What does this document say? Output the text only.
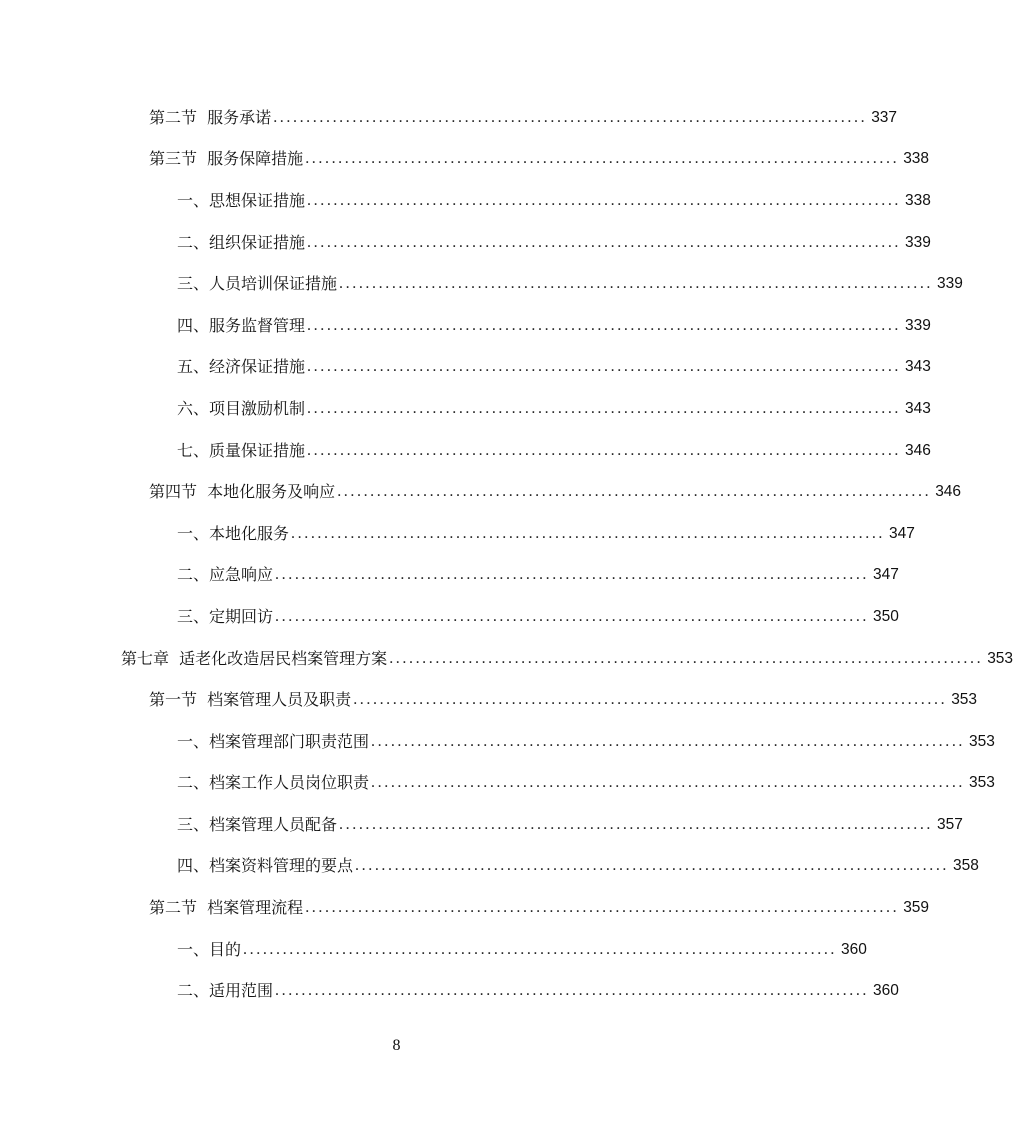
第二节  服务承诺 .......................................................................................... 337
第三节  服务保障措施 .......................................................................................... 338
一、思想保证措施 .......................................................................................... 338
二、组织保证措施 .......................................................................................... 339
三、人员培训保证措施 .......................................................................................... 339
四、服务监督管理 .......................................................................................... 339
五、经济保证措施 .......................................................................................... 343
六、项目激励机制 .......................................................................................... 343
七、质量保证措施 .......................................................................................... 346
第四节  本地化服务及响应 .......................................................................................... 346
一、本地化服务 .......................................................................................... 347
二、应急响应 .......................................................................................... 347
三、定期回访 .......................................................................................... 350
第七章  适老化改造居民档案管理方案 .......................................................................................... 353
第一节  档案管理人员及职责 .......................................................................................... 353
一、档案管理部门职责范围 .......................................................................................... 353
二、档案工作人员岗位职责 .......................................................................................... 353
三、档案管理人员配备 .......................................................................................... 357
四、档案资料管理的要点 .......................................................................................... 358
第二节  档案管理流程 .......................................................................................... 359
一、目的 .......................................................................................... 360
二、适用范围 .......................................................................................... 360
8
